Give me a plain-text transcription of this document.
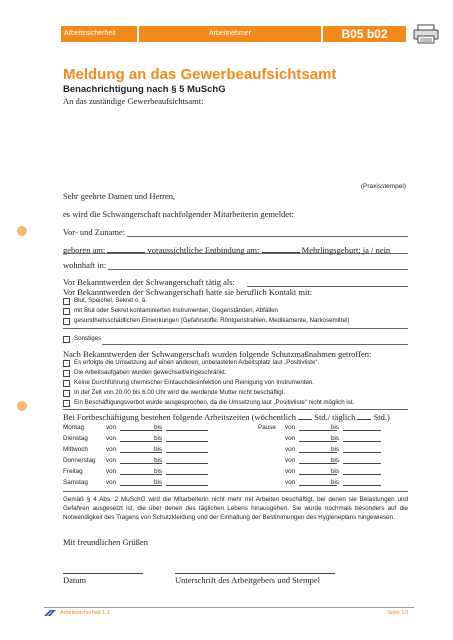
Arbeitssicherheit	Arbeitnehmer	B05 b02
Meldung an das Gewerbeaufsichtsamt
Benachrichtigung nach § 5 MuSchG
An das zuständige Gewerbeaufsichtsamt:
(Praxisstempel)
Sehr geehrte Damen und Herren,
es wird die Schwangerschaft nachfolgender Mitarbeiterin gemeldet:
Vor- und Zuname:
geboren am:	voraussichtliche Entbindung am:	Mehrlingsgeburt: ja / nein
wohnhaft in:
Vor Bekanntwerden der Schwangerschaft tätig als:
Vor Bekanntwerden der Schwangerschaft hatte sie beruflich Kontakt mit:
Blut, Speichel, Sekret o. ä.
mit Blut oder Sekret kontaminierten Instrumenten, Gegenständen, Abfällen
gesundheitsschädlichen Einwirkungen (Gefahrstoffe, Röntgenstrahlen, Medikamente, Narkosemittel)
Sonstiges
Nach Bekanntwerden der Schwangerschaft wurden folgende Schutzmaßnahmen getroffen:
Es erfolgte die Umsetzung auf einen anderen, unbelasteten Arbeitsplatz laut „Positivliste“.
Die Arbeitsaufgaben wurden gewechselt/eingeschränkt.
Keine Durchführung chemischer Eintauchdesinfektion und Reinigung von Instrumenten.
In der Zeit von 20.00 bis 6.00 Uhr wird die werdende Mutter nicht beschäftigt.
Ein Beschäftigungsverbot wurde ausgesprochen, da die Umsetzung laut „Positivliste“ nicht möglich ist.
Bei Fortbeschäftigung bestehen folgende Arbeitszeiten (wöchentlich Std./ täglich Std.)
Montag	von	bis	Pause von	bis
Dienstag	von	bis	von	bis
Mittwoch	von	bis	von	bis
Donnerstag von	bis	von	bis
Freitag	von	bis	von	bis
Samstag	von	bis	von	bis
Gemäß § 4 Abs. 2 MuSchG wird die Mitarbeiterin nicht mehr mit Arbeiten beschäftigt, bei denen sie Belastungen und Gefahren ausgesetzt ist, die über denen des täglichen Lebens hinausgehen. Sie wurde nochmals besonders auf die Notwendigkeit des Tragens von Schutzkleidung und der Einhaltung der Bestimmungen des Hygieneplans hingewiesen.
Mit freundlichen Grüßen
Datum	Unterschrift des Arbeitgebers und Stempel
Arbeitssicherheit 1.1	Seite 1/1
